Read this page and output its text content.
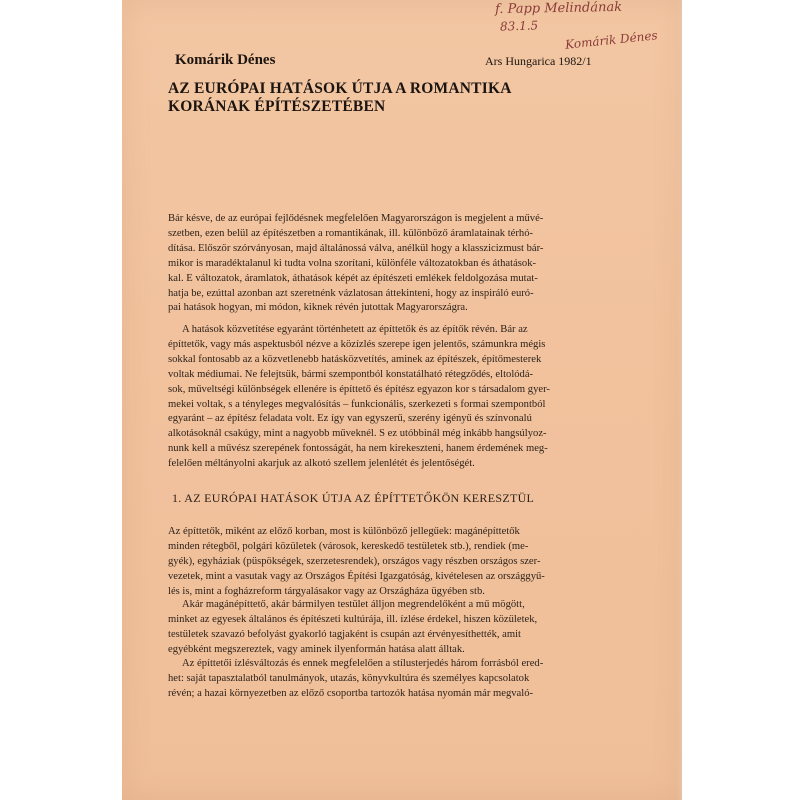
f. Papp Melindának
83.1.5
Komárik Dénes
Komárik Dénes	Ars Hungarica 1982/1
AZ EURÓPAI HATÁSOK ÚTJA A ROMANTIKA
KORÁNAK ÉPÍTÉSZETÉBEN
Bár késve, de az európai fejlődésnek megfelelően Magyarországon is megjelent a művé-
szetben, ezen belül az építészetben a romantikának, ill. különböző áramlatainak térhó-
dítása. Először szórványosan, majd általánossá válva, anélkül hogy a klasszicizmust bár-
mikor is maradéktalanul ki tudta volna szorítani, különféle változatokban és áthatások-
kal. E változatok, áramlatok, áthatások képét az építészeti emlékek feldolgozása mutat-
hatja be, ezúttal azonban azt szeretnénk vázlatosan áttekinteni, hogy az inspiráló euró-
pai hatások hogyan, mi módon, kiknek révén jutottak Magyarországra.
A hatások közvetítése egyaránt történhetett az építtetők és az építők révén. Bár az
építtetők, vagy más aspektusból nézve a közízlés szerepe igen jelentős, számunkra mégis
sokkal fontosabb az a közvetlenebb hatásközvetítés, aminek az építészek, építőmesterek
voltak médiumai. Ne felejtsük, bármi szempontból konstatálható rétegződés, eltolódá-
sok, műveltségi különbségek ellenére is építtető és építész egyazon kor s társadalom gyer-
mekei voltak, s a tényleges megvalósítás – funkcionális, szerkezeti s formai szempontból
egyaránt – az építész feladata volt. Ez így van egyszerű, szerény igényű és színvonalú
alkotásoknál csakúgy, mint a nagyobb műveknél. S ez utóbbinál még inkább hangsúlyoz-
nunk kell a művész szerepének fontosságát, ha nem kirekeszteni, hanem érdemének meg-
felelően méltányolni akarjuk az alkotó szellem jelenlétét és jelentőségét.
1. AZ EURÓPAI HATÁSOK ÚTJA AZ ÉPÍTTETŐKÖN KERESZTÜL
Az építtetők, miként az előző korban, most is különböző jellegűek: magánépíttetők
minden rétegből, polgári közületek (városok, kereskedő testületek stb.), rendiek (me-
gyék), egyháziak (püspökségek, szerzetesrendek), országos vagy részben országos szer-
vezetek, mint a vasutak vagy az Országos Építési Igazgatóság, kivételesen az országgyű-
lés is, mint a fogházreform tárgyalásakor vagy az Országháza ügyében stb.
Akár magánépíttető, akár bármilyen testület álljon megrendelőként a mű mögött,
minket az egyesek általános és építészeti kultúrája, ill. ízlése érdekel, hiszen közületek,
testületek szavazó befolyást gyakorló tagjaként is csupán azt érvényesíthették, amit
egyébként megszereztek, vagy aminek ilyenformán hatása alatt álltak.
Az építtetői ízlésváltozás és ennek megfelelően a stílusterjedés három forrásból ered-
het: saját tapasztalatból tanulmányok, utazás, könyvkultúra és személyes kapcsolatok
révén; a hazai környezetben az előző csoportba tartozók hatása nyomán már megvaló-
